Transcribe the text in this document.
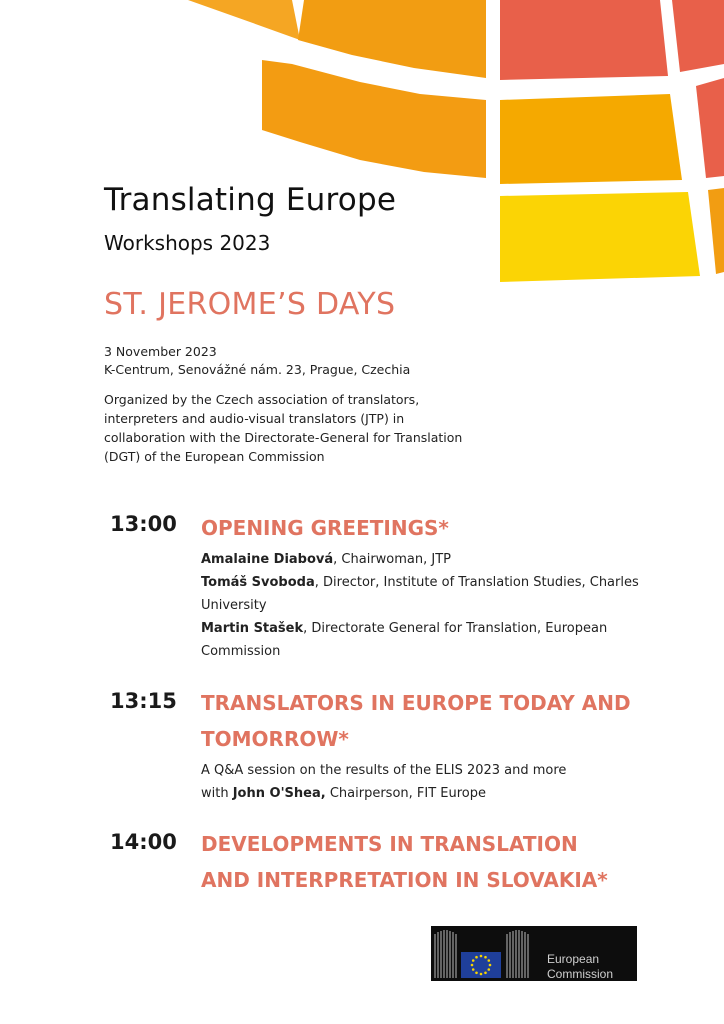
Translating Europe
Workshops 2023
ST. JEROME’S DAYS
3 November 2023
K-Centrum, Senovážné nám. 23, Prague, Czechia
Organized by the Czech association of translators,
interpreters and audio-visual translators (JTP) in
collaboration with the Directorate-General for Translation
(DGT) of the European Commission
13:00 OPENING GREETINGS*
Amalaine Diabová, Chairwoman, JTP
Tomáš Svoboda, Director, Institute of Translation Studies, Charles
University
Martin Stašek, Directorate General for Translation, European
Commission
13:15 TRANSLATORS IN EUROPE TODAY AND
TOMORROW*
A Q&A session on the results of the ELIS 2023 and more
with John O'Shea, Chairperson, FIT Europe
14:00 DEVELOPMENTS IN TRANSLATION
AND INTERPRETATION IN SLOVAKIA*
European
Commission
